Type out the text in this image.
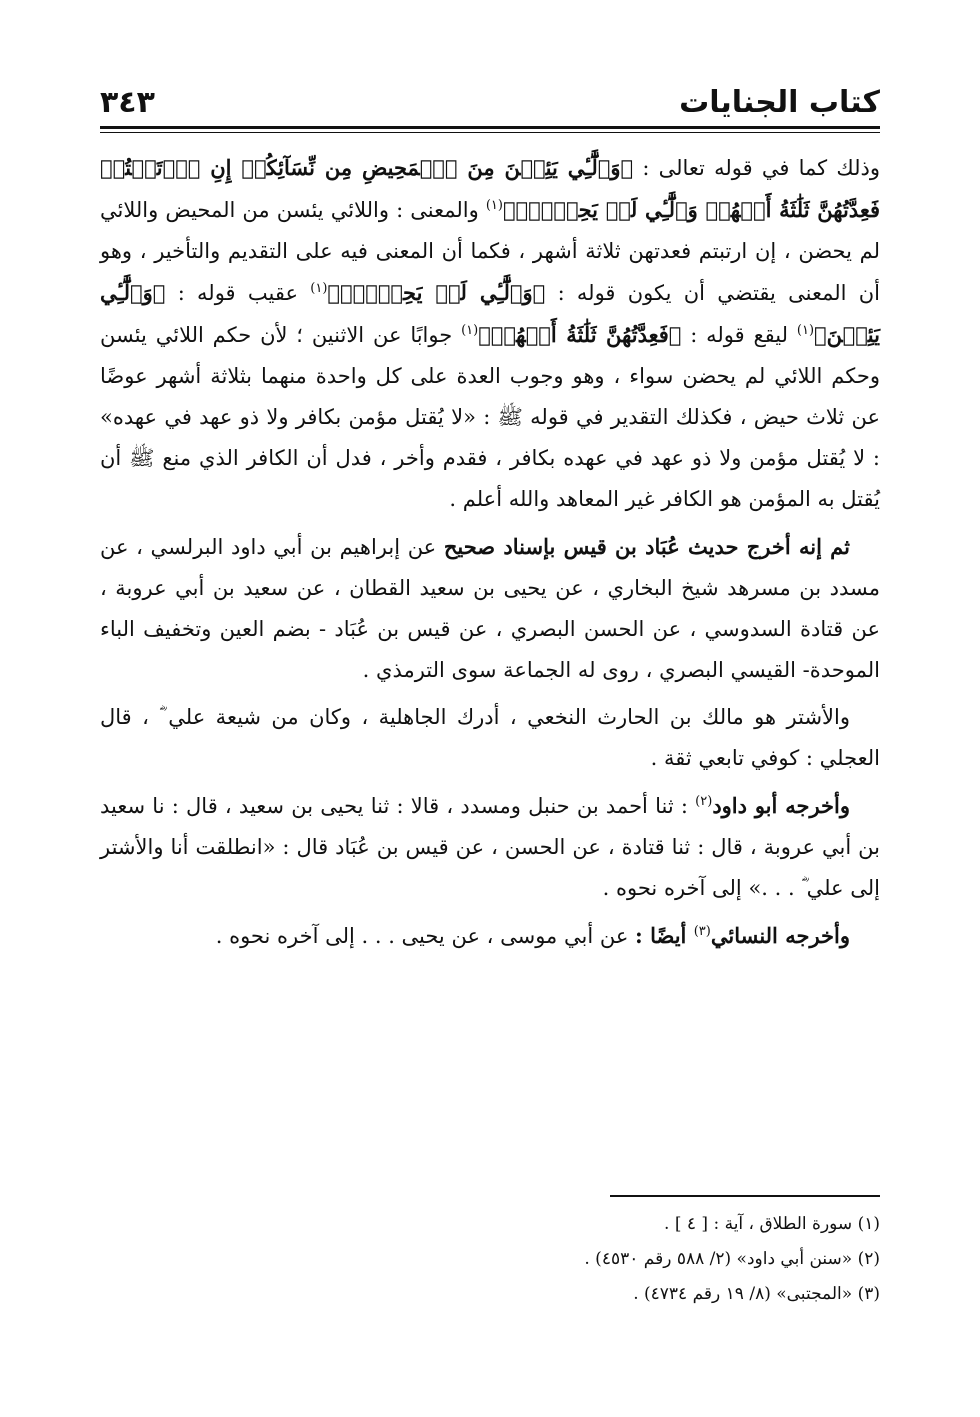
كتاب الجنايات
٣٤٣

وذلك كما في قوله تعالى : ﴿وَٱلَّٰٓـِٔي يَئِسۡنَ مِنَ ٱلۡمَحِيضِ مِن نِّسَآئِكُمۡ إِنِ ٱرۡتَبۡتُمۡ فَعِدَّتُهُنَّ ثَلَٰثَةُ أَشۡهُرٖ وَٱلَّٰٓـِٔي لَمۡ يَحِضۡنَۚ﴾$^{(١)}$ والمعنى : واللائي يئسن من المحيض واللائي لم يحضن ، إن ارتبتم فعدتهن ثلاثة أشهر ، فكما أن المعنى فيه على التقديم والتأخير ، وهو أن المعنى يقتضي أن يكون قوله : ﴿وَٱلَّٰٓـِٔي لَمۡ يَحِضۡنَۚ﴾$^{(١)}$ عقيب قوله : ﴿وَٱلَّٰٓـِٔي يَئِسۡنَ﴾$^{(١)}$ ليقع قوله : ﴿فَعِدَّتُهُنَّ ثَلَٰثَةُ أَشۡهُرٖ﴾$^{(١)}$ جوابًا عن الاثنين ؛ لأن حكم اللائي يئسن وحكم اللائي لم يحضن سواء ، وهو وجوب العدة على كل واحدة منهما بثلاثة أشهر عوضًا عن ثلاث حيض ، فكذلك التقدير في قوله ﷺ : «لا يُقتل مؤمن بكافر ولا ذو عهد في عهده» : لا يُقتل مؤمن ولا ذو عهد في عهده بكافر ، فقدم وأخر ، فدل أن الكافر الذي منع ﷺ أن يُقتل به المؤمن هو الكافر غير المعاهد والله أعلم .

ثم إنه أخرج حديث عُبَاد بن قيس بإسناد صحيح عن إبراهيم بن أبي داود البرلسي ، عن مسدد بن مسرهد شيخ البخاري ، عن يحيى بن سعيد القطان ، عن سعيد بن أبي عروبة ، عن قتادة السدوسي ، عن الحسن البصري ، عن قيس بن عُبَاد - بضم العين وتخفيف الباء الموحدة- القيسي البصري ، روى له الجماعة سوى الترمذي .

والأشتر هو مالك بن الحارث النخعي ، أدرك الجاهلية ، وكان من شيعة علي ؓ ، قال العجلي : كوفي تابعي ثقة .

وأخرجه أبو داود$^{(٢)}$ : ثنا أحمد بن حنبل ومسدد ، قالا : ثنا يحيى بن سعيد ، قال : نا سعيد بن أبي عروبة ، قال : ثنا قتادة ، عن الحسن ، عن قيس بن عُبَاد قال : «انطلقت أنا والأشتر إلى علي ؓ . . .» إلى آخره نحوه .

وأخرجه النسائي$^{(٣)}$ أيضًا : عن أبي موسى ، عن يحيى . . . إلى آخره نحوه .

(١) سورة الطلاق ، آية : [ ٤ ] .

(٢) «سنن أبي داود» (٢/ ٥٨٨ رقم ٤٥٣٠) .

(٣) «المجتبى» (٨/ ١٩ رقم ٤٧٣٤) .
